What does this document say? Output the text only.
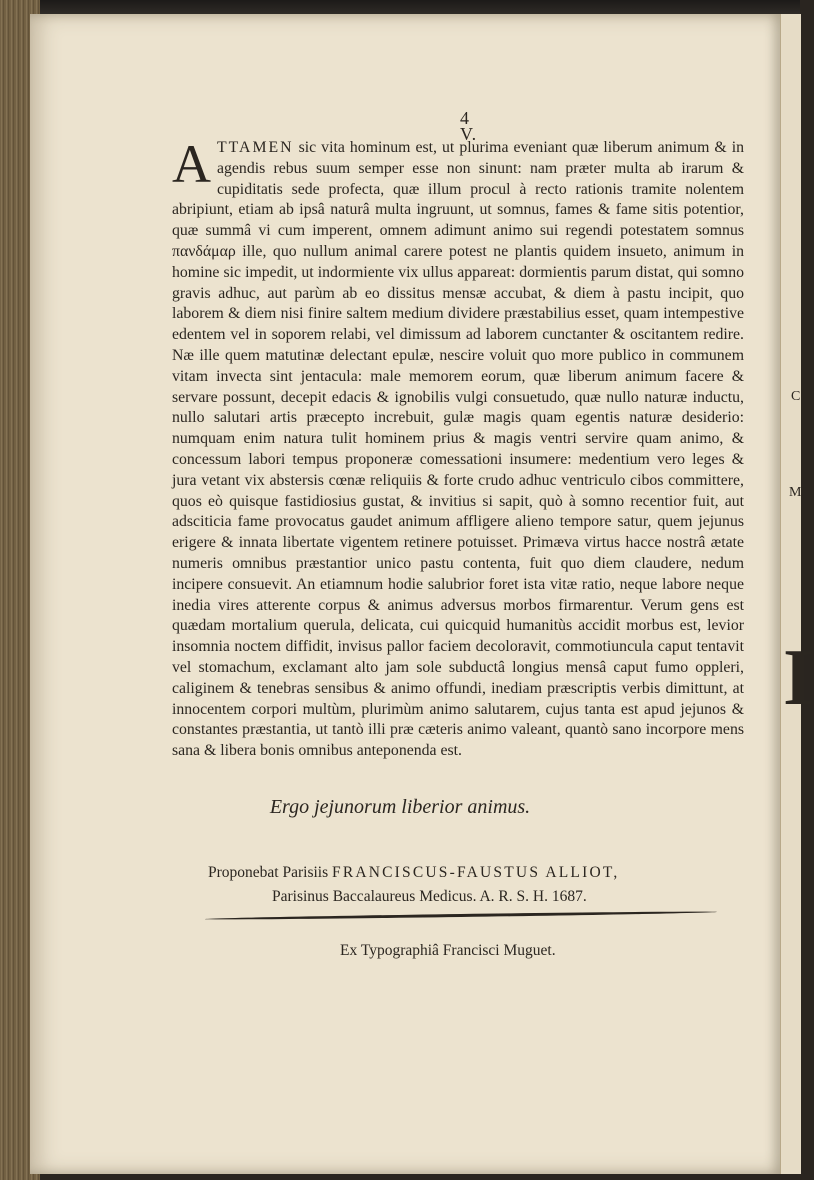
C
M
I
4
V.
ATTAMEN sic vita hominum est, ut plurima eveniant quæ liberum animum & in agendis rebus suum semper esse non sinunt: nam præter multa ab irarum & cupiditatis sede profecta, quæ illum procul à recto rationis tramite nolentem abripiunt, etiam ab ipsâ naturâ multa ingruunt, ut somnus, fames & fame sitis potentior, quæ summâ vi cum imperent, omnem adimunt animo sui regendi potestatem somnus πανδάμαρ ille, quo nullum animal carere potest ne plantis quidem insueto, animum in homine sic impedit, ut indormiente vix ullus appareat: dormientis parum distat, qui somno gravis adhuc, aut parùm ab eo dissitus mensæ accubat, & diem à pastu incipit, quo laborem & diem nisi finire saltem medium dividere præstabilius esset, quam intempestive edentem vel in soporem relabi, vel dimissum ad laborem cunctanter & oscitantem redire. Næ ille quem matutinæ delectant epulæ, nescire voluit quo more publico in communem vitam invecta sint jentacula: male memorem eorum, quæ liberum animum facere & servare possunt, decepit edacis & ignobilis vulgi consuetudo, quæ nullo naturæ inductu, nullo salutari artis præcepto increbuit, gulæ magis quam egentis naturæ desiderio: numquam enim natura tulit hominem prius & magis ventri servire quam animo, & concessum labori tempus proponeræ comessationi insumere: medentium vero leges & jura vetant vix abstersis cœnæ reliquiis & forte crudo adhuc ventriculo cibos committere, quos eò quisque fastidiosius gustat, & invitius si sapit, quò à somno recentior fuit, aut adsciticia fame provocatus gaudet animum affligere alieno tempore satur, quem jejunus erigere & innata libertate vigentem retinere potuisset. Primæva virtus hacce nostrâ ætate numeris omnibus præstantior unico pastu contenta, fuit quo diem claudere, nedum incipere consuevit. An etiamnum hodie salubrior foret ista vitæ ratio, neque labore neque inedia vires atterente corpus & animus adversus morbos firmarentur. Verum gens est quædam mortalium querula, delicata, cui quicquid humanitùs accidit morbus est, levior insomnia noctem diffidit, invisus pallor faciem decoloravit, commotiuncula caput tentavit vel stomachum, exclamant alto jam sole subductâ longius mensâ caput fumo oppleri, caliginem & tenebras sensibus & animo offundi, inediam præscriptis verbis dimittunt, at innocentem corpori multùm, plurimùm animo salutarem, cujus tanta est apud jejunos & constantes præstantia, ut tantò illi præ cæteris animo valeant, quantò sano incorpore mens sana & libera bonis omnibus anteponenda est.
Ergo jejunorum liberior animus.
Proponebat Parisiis FRANCISCUS-FAUSTUS ALLIOT,
Parisinus Baccalaureus Medicus. A. R. S. H. 1687.
Ex Typographiâ Francisci Muguet.
